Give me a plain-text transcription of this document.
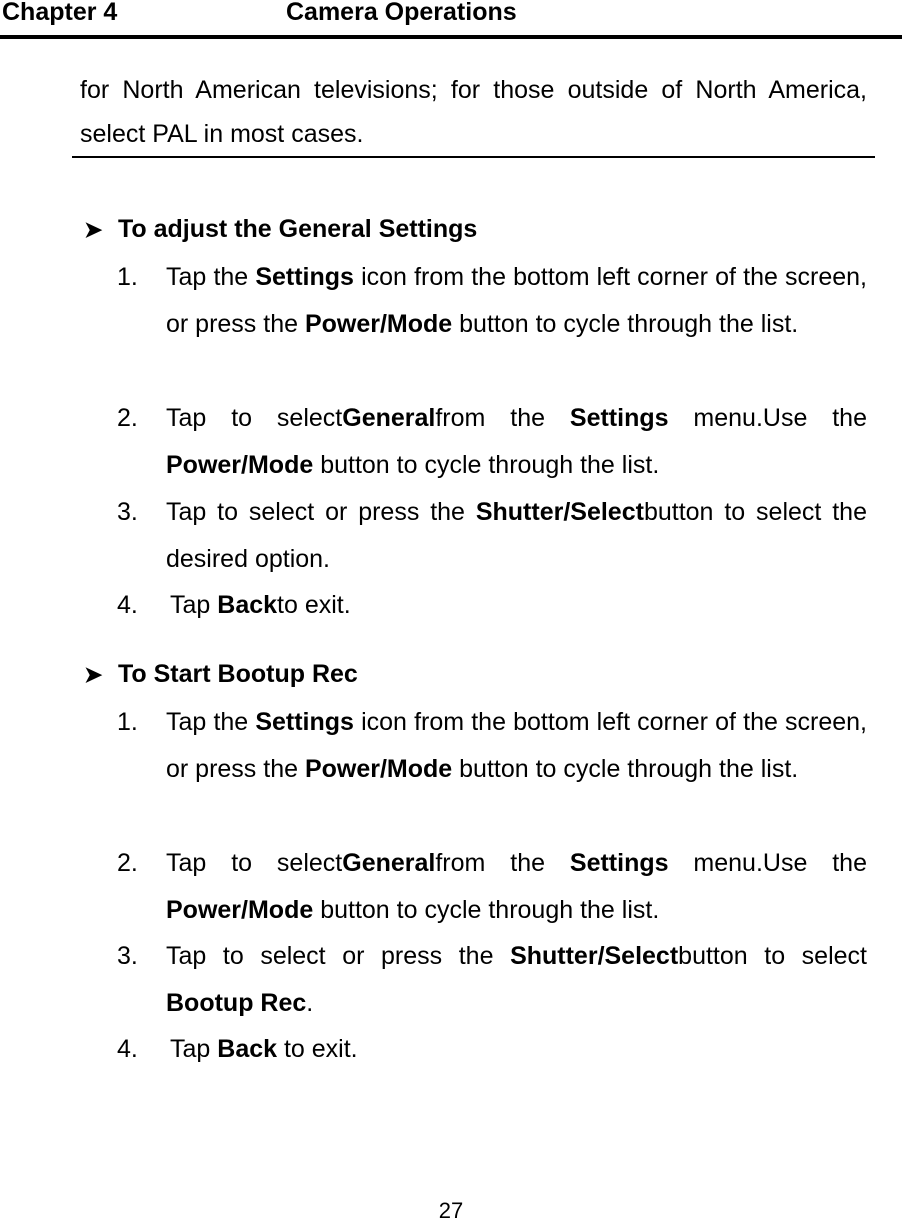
Chapter 4	Camera Operations
for North American televisions; for those outside of North America, select PAL in most cases.
➤ To adjust the General Settings
1. Tap the Settings icon from the bottom left corner of the screen, or press the Power/Mode button to cycle through the list.
2. Tap to selectGeneralfrom the Settings menu.Use the Power/Mode button to cycle through the list.
3. Tap to select or press the Shutter/Selectbutton to select the desired option.
4. Tap Backto exit.
➤ To Start Bootup Rec
1. Tap the Settings icon from the bottom left corner of the screen, or press the Power/Mode button to cycle through the list.
2. Tap to selectGeneralfrom the Settings menu.Use the Power/Mode button to cycle through the list.
3. Tap to select or press the Shutter/Selectbutton to select Bootup Rec.
4. Tap Back to exit.
27
